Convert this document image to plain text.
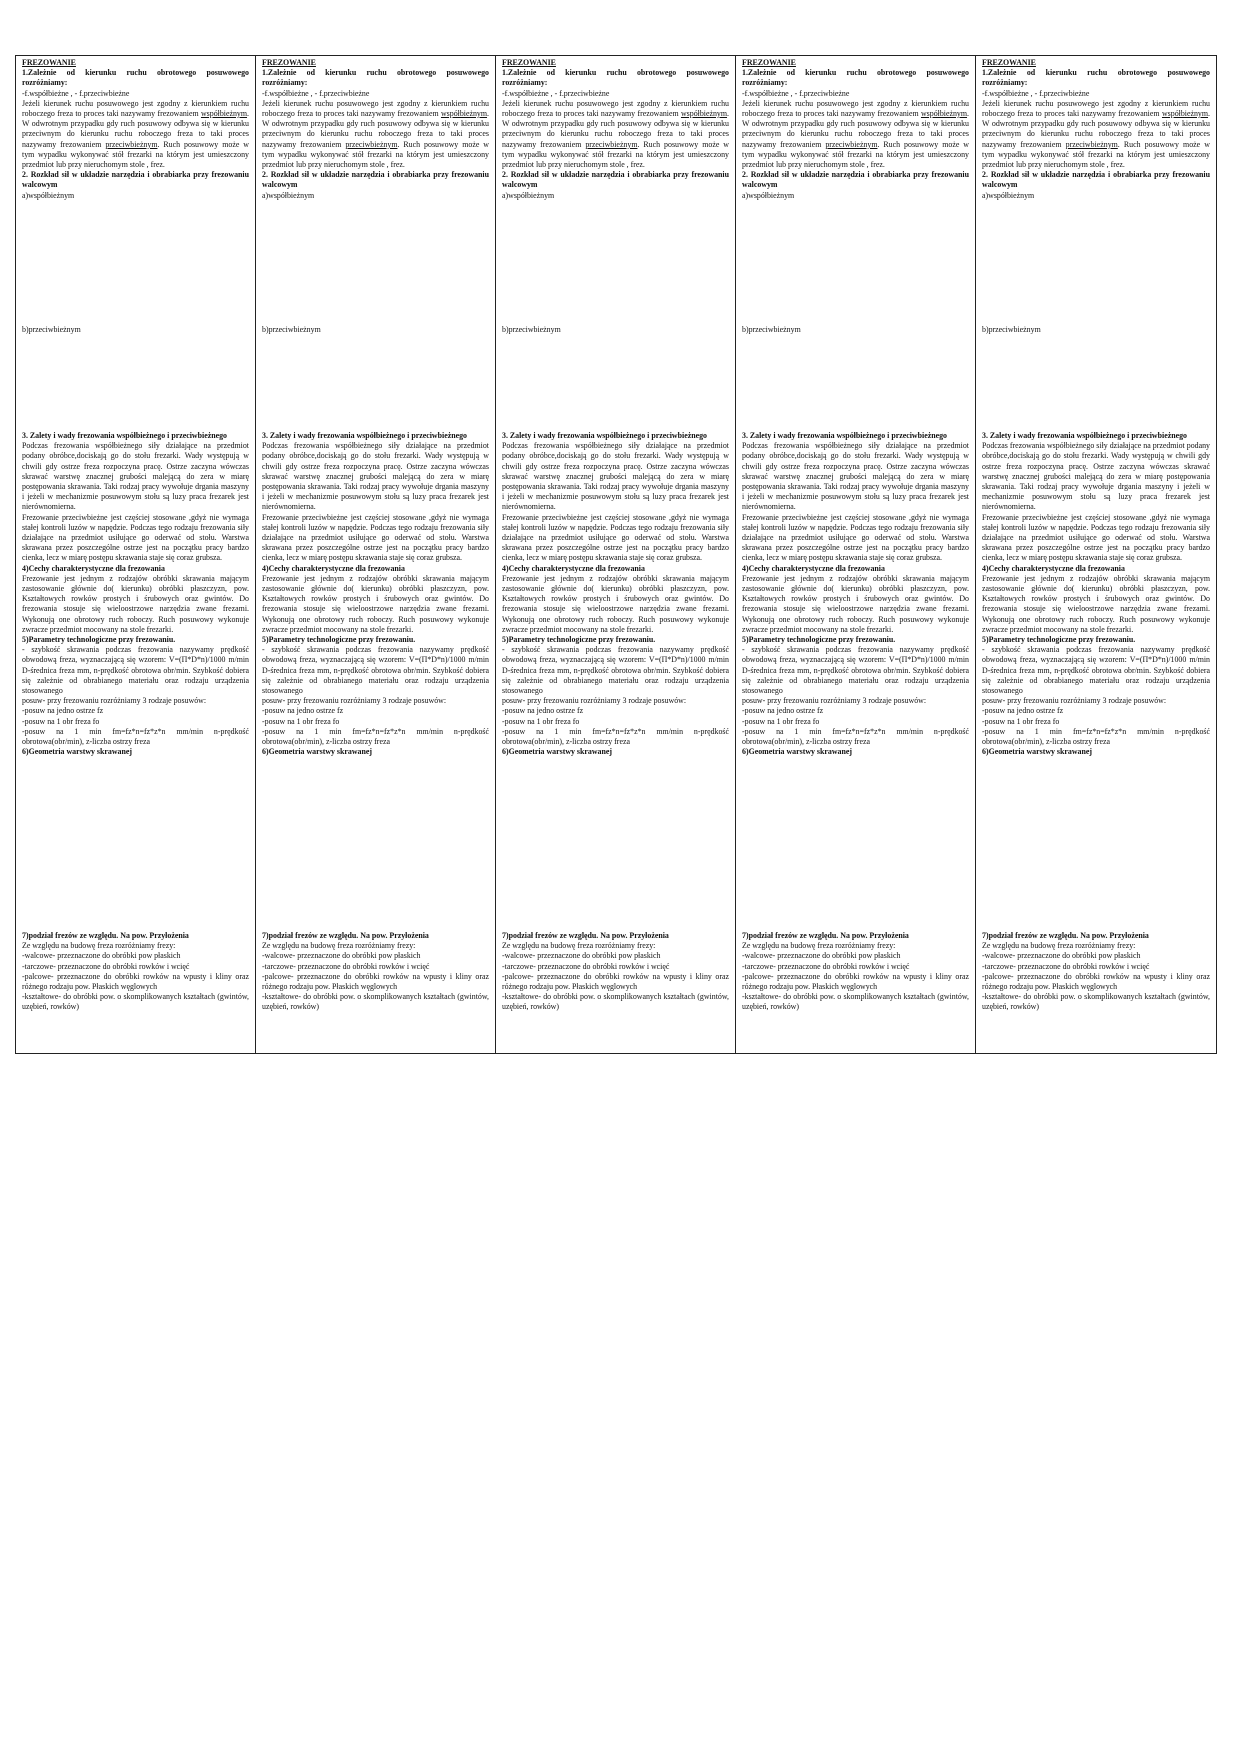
FREZOWANIE

1.Zależnie od kierunku ruchu obrotowego posuwowego rozróżniamy:

-f.współbieżne , - f.przeciwbieżne

Jeżeli kierunek ruchu posuwowego jest zgodny z kierunkiem ruchu roboczego freza to proces taki nazywamy frezowaniem współbieżnym. W odwrotnym przypadku gdy ruch posuwowy odbywa się w kierunku przeciwnym do kierunku ruchu roboczego freza to taki proces nazywamy frezowaniem przeciwbieżnym. Ruch posuwowy może w tym wypadku wykonywać stół frezarki na którym jest umieszczony przedmiot lub przy nieruchomym stole , frez.

2. Rozkład sił w układzie narzędzia i obrabiarka przy frezowaniu walcowym

a)współbieżnym

b)przeciwbieżnym

3. Zalety i wady frezowania współbieżnego i przeciwbieżnego

Podczas frezowania współbieżnego siły działające na przedmiot podany obróbce,dociskają go do stołu frezarki. Wady występują w chwili gdy ostrze freza rozpoczyna pracę. Ostrze zaczyna wówczas skrawać warstwę znacznej grubości malejącą do zera w miarę postępowania skrawania. Taki rodzaj pracy wywołuje drgania maszyny i jeżeli w mechanizmie posuwowym stołu są luzy praca frezarek jest nierównomierna.

Frezowanie przeciwbieżne jest częściej stosowane ,gdyż nie wymaga stałej kontroli luzów w napędzie. Podczas tego rodzaju frezowania siły działające na przedmiot usiłujące go oderwać od stołu. Warstwa skrawana przez poszczególne ostrze jest na początku pracy bardzo cienka, lecz w miarę postępu skrawania staje się coraz grubsza.

4)Cechy charakterystyczne dla frezowania

Frezowanie jest jednym z rodzajów obróbki skrawania mającym zastosowanie głównie do( kierunku) obróbki płaszczyzn, pow. Kształtowych rowków prostych i śrubowych oraz gwintów. Do frezowania stosuje się wieloostrzowe narzędzia zwane frezami. Wykonują one obrotowy ruch roboczy. Ruch posuwowy wykonuje zwracze przedmiot mocowany na stole frezarki.

5)Parametry technologiczne przy frezowaniu.

- szybkość skrawania podczas frezowania nazywamy prędkość obwodową freza, wyznaczającą się wzorem: V=(Π*D*n)/1000 m/min D-średnica freza mm, n-prędkość obrotowa obr/min. Szybkość dobiera się zależnie od obrabianego materiału oraz rodzaju urządzenia stosowanego

posuw- przy frezowaniu rozróżniamy 3 rodzaje posuwów:

-posuw na jedno ostrze fz

-posuw na 1 obr freza fo

-posuw na 1 min fm=fz*n=fz*z*n mm/min n-prędkość obrotowa(obr/min), z-liczba ostrzy freza

6)Geometria warstwy skrawanej

7)podział frezów ze względu. Na pow. Przyłożenia

Ze względu na budowę freza rozróżniamy frezy:

-walcowe- przeznaczone do obróbki pow płaskich

-tarczowe- przeznaczone do obróbki rowków i wcięć

-palcowe- przeznaczone do obróbki rowków na wpusty i kliny oraz różnego rodzaju pow. Płaskich węglowych

-kształtowe- do obróbki pow. o skomplikowanych kształtach (gwintów, uzębień, rowków)

FREZOWANIE

1.Zależnie od kierunku ruchu obrotowego posuwowego rozróżniamy:

-f.współbieżne , - f.przeciwbieżne

Jeżeli kierunek ruchu posuwowego jest zgodny z kierunkiem ruchu roboczego freza to proces taki nazywamy frezowaniem współbieżnym. W odwrotnym przypadku gdy ruch posuwowy odbywa się w kierunku przeciwnym do kierunku ruchu roboczego freza to taki proces nazywamy frezowaniem przeciwbieżnym. Ruch posuwowy może w tym wypadku wykonywać stół frezarki na którym jest umieszczony przedmiot lub przy nieruchomym stole , frez.

2. Rozkład sił w układzie narzędzia i obrabiarka przy frezowaniu walcowym

a)współbieżnym

b)przeciwbieżnym

3. Zalety i wady frezowania współbieżnego i przeciwbieżnego

Podczas frezowania współbieżnego siły działające na przedmiot podany obróbce,dociskają go do stołu frezarki. Wady występują w chwili gdy ostrze freza rozpoczyna pracę. Ostrze zaczyna wówczas skrawać warstwę znacznej grubości malejącą do zera w miarę postępowania skrawania. Taki rodzaj pracy wywołuje drgania maszyny i jeżeli w mechanizmie posuwowym stołu są luzy praca frezarek jest nierównomierna.

Frezowanie przeciwbieżne jest częściej stosowane ,gdyż nie wymaga stałej kontroli luzów w napędzie. Podczas tego rodzaju frezowania siły działające na przedmiot usiłujące go oderwać od stołu. Warstwa skrawana przez poszczególne ostrze jest na początku pracy bardzo cienka, lecz w miarę postępu skrawania staje się coraz grubsza.

4)Cechy charakterystyczne dla frezowania

Frezowanie jest jednym z rodzajów obróbki skrawania mającym zastosowanie głównie do( kierunku) obróbki płaszczyzn, pow. Kształtowych rowków prostych i śrubowych oraz gwintów. Do frezowania stosuje się wieloostrzowe narzędzia zwane frezami. Wykonują one obrotowy ruch roboczy. Ruch posuwowy wykonuje zwracze przedmiot mocowany na stole frezarki.

5)Parametry technologiczne przy frezowaniu.

- szybkość skrawania podczas frezowania nazywamy prędkość obwodową freza, wyznaczającą się wzorem: V=(Π*D*n)/1000 m/min D-średnica freza mm, n-prędkość obrotowa obr/min. Szybkość dobiera się zależnie od obrabianego materiału oraz rodzaju urządzenia stosowanego

posuw- przy frezowaniu rozróżniamy 3 rodzaje posuwów:

-posuw na jedno ostrze fz

-posuw na 1 obr freza fo

-posuw na 1 min fm=fz*n=fz*z*n mm/min n-prędkość obrotowa(obr/min), z-liczba ostrzy freza

6)Geometria warstwy skrawanej

7)podział frezów ze względu. Na pow. Przyłożenia

Ze względu na budowę freza rozróżniamy frezy:

-walcowe- przeznaczone do obróbki pow płaskich

-tarczowe- przeznaczone do obróbki rowków i wcięć

-palcowe- przeznaczone do obróbki rowków na wpusty i kliny oraz różnego rodzaju pow. Płaskich węglowych

-kształtowe- do obróbki pow. o skomplikowanych kształtach (gwintów, uzębień, rowków)

FREZOWANIE

1.Zależnie od kierunku ruchu obrotowego posuwowego rozróżniamy:

-f.współbieżne , - f.przeciwbieżne

Jeżeli kierunek ruchu posuwowego jest zgodny z kierunkiem ruchu roboczego freza to proces taki nazywamy frezowaniem współbieżnym. W odwrotnym przypadku gdy ruch posuwowy odbywa się w kierunku przeciwnym do kierunku ruchu roboczego freza to taki proces nazywamy frezowaniem przeciwbieżnym. Ruch posuwowy może w tym wypadku wykonywać stół frezarki na którym jest umieszczony przedmiot lub przy nieruchomym stole , frez.

2. Rozkład sił w układzie narzędzia i obrabiarka przy frezowaniu walcowym

a)współbieżnym

b)przeciwbieżnym

3. Zalety i wady frezowania współbieżnego i przeciwbieżnego

Podczas frezowania współbieżnego siły działające na przedmiot podany obróbce,dociskają go do stołu frezarki. Wady występują w chwili gdy ostrze freza rozpoczyna pracę. Ostrze zaczyna wówczas skrawać warstwę znacznej grubości malejącą do zera w miarę postępowania skrawania. Taki rodzaj pracy wywołuje drgania maszyny i jeżeli w mechanizmie posuwowym stołu są luzy praca frezarek jest nierównomierna.

Frezowanie przeciwbieżne jest częściej stosowane ,gdyż nie wymaga stałej kontroli luzów w napędzie. Podczas tego rodzaju frezowania siły działające na przedmiot usiłujące go oderwać od stołu. Warstwa skrawana przez poszczególne ostrze jest na początku pracy bardzo cienka, lecz w miarę postępu skrawania staje się coraz grubsza.

4)Cechy charakterystyczne dla frezowania

Frezowanie jest jednym z rodzajów obróbki skrawania mającym zastosowanie głównie do( kierunku) obróbki płaszczyzn, pow. Kształtowych rowków prostych i śrubowych oraz gwintów. Do frezowania stosuje się wieloostrzowe narzędzia zwane frezami. Wykonują one obrotowy ruch roboczy. Ruch posuwowy wykonuje zwracze przedmiot mocowany na stole frezarki.

5)Parametry technologiczne przy frezowaniu.

- szybkość skrawania podczas frezowania nazywamy prędkość obwodową freza, wyznaczającą się wzorem: V=(Π*D*n)/1000 m/min D-średnica freza mm, n-prędkość obrotowa obr/min. Szybkość dobiera się zależnie od obrabianego materiału oraz rodzaju urządzenia stosowanego

posuw- przy frezowaniu rozróżniamy 3 rodzaje posuwów:

-posuw na jedno ostrze fz

-posuw na 1 obr freza fo

-posuw na 1 min fm=fz*n=fz*z*n mm/min n-prędkość obrotowa(obr/min), z-liczba ostrzy freza

6)Geometria warstwy skrawanej

7)podział frezów ze względu. Na pow. Przyłożenia

Ze względu na budowę freza rozróżniamy frezy:

-walcowe- przeznaczone do obróbki pow płaskich

-tarczowe- przeznaczone do obróbki rowków i wcięć

-palcowe- przeznaczone do obróbki rowków na wpusty i kliny oraz różnego rodzaju pow. Płaskich węglowych

-kształtowe- do obróbki pow. o skomplikowanych kształtach (gwintów, uzębień, rowków)

FREZOWANIE

1.Zależnie od kierunku ruchu obrotowego posuwowego rozróżniamy:

-f.współbieżne , - f.przeciwbieżne

Jeżeli kierunek ruchu posuwowego jest zgodny z kierunkiem ruchu roboczego freza to proces taki nazywamy frezowaniem współbieżnym. W odwrotnym przypadku gdy ruch posuwowy odbywa się w kierunku przeciwnym do kierunku ruchu roboczego freza to taki proces nazywamy frezowaniem przeciwbieżnym. Ruch posuwowy może w tym wypadku wykonywać stół frezarki na którym jest umieszczony przedmiot lub przy nieruchomym stole , frez.

2. Rozkład sił w układzie narzędzia i obrabiarka przy frezowaniu walcowym

a)współbieżnym

b)przeciwbieżnym

3. Zalety i wady frezowania współbieżnego i przeciwbieżnego

Podczas frezowania współbieżnego siły działające na przedmiot podany obróbce,dociskają go do stołu frezarki. Wady występują w chwili gdy ostrze freza rozpoczyna pracę. Ostrze zaczyna wówczas skrawać warstwę znacznej grubości malejącą do zera w miarę postępowania skrawania. Taki rodzaj pracy wywołuje drgania maszyny i jeżeli w mechanizmie posuwowym stołu są luzy praca frezarek jest nierównomierna.

Frezowanie przeciwbieżne jest częściej stosowane ,gdyż nie wymaga stałej kontroli luzów w napędzie. Podczas tego rodzaju frezowania siły działające na przedmiot usiłujące go oderwać od stołu. Warstwa skrawana przez poszczególne ostrze jest na początku pracy bardzo cienka, lecz w miarę postępu skrawania staje się coraz grubsza.

4)Cechy charakterystyczne dla frezowania

Frezowanie jest jednym z rodzajów obróbki skrawania mającym zastosowanie głównie do( kierunku) obróbki płaszczyzn, pow. Kształtowych rowków prostych i śrubowych oraz gwintów. Do frezowania stosuje się wieloostrzowe narzędzia zwane frezami. Wykonują one obrotowy ruch roboczy. Ruch posuwowy wykonuje zwracze przedmiot mocowany na stole frezarki.

5)Parametry technologiczne przy frezowaniu.

- szybkość skrawania podczas frezowania nazywamy prędkość obwodową freza, wyznaczającą się wzorem: V=(Π*D*n)/1000 m/min D-średnica freza mm, n-prędkość obrotowa obr/min. Szybkość dobiera się zależnie od obrabianego materiału oraz rodzaju urządzenia stosowanego

posuw- przy frezowaniu rozróżniamy 3 rodzaje posuwów:

-posuw na jedno ostrze fz

-posuw na 1 obr freza fo

-posuw na 1 min fm=fz*n=fz*z*n mm/min n-prędkość obrotowa(obr/min), z-liczba ostrzy freza

6)Geometria warstwy skrawanej

7)podział frezów ze względu. Na pow. Przyłożenia

Ze względu na budowę freza rozróżniamy frezy:

-walcowe- przeznaczone do obróbki pow płaskich

-tarczowe- przeznaczone do obróbki rowków i wcięć

-palcowe- przeznaczone do obróbki rowków na wpusty i kliny oraz różnego rodzaju pow. Płaskich węglowych

-kształtowe- do obróbki pow. o skomplikowanych kształtach (gwintów, uzębień, rowków)

FREZOWANIE

1.Zależnie od kierunku ruchu obrotowego posuwowego rozróżniamy:

-f.współbieżne , - f.przeciwbieżne

Jeżeli kierunek ruchu posuwowego jest zgodny z kierunkiem ruchu roboczego freza to proces taki nazywamy frezowaniem współbieżnym. W odwrotnym przypadku gdy ruch posuwowy odbywa się w kierunku przeciwnym do kierunku ruchu roboczego freza to taki proces nazywamy frezowaniem przeciwbieżnym. Ruch posuwowy może w tym wypadku wykonywać stół frezarki na którym jest umieszczony przedmiot lub przy nieruchomym stole , frez.

2. Rozkład sił w układzie narzędzia i obrabiarka przy frezowaniu walcowym

a)współbieżnym

b)przeciwbieżnym

3. Zalety i wady frezowania współbieżnego i przeciwbieżnego

Podczas frezowania współbieżnego siły działające na przedmiot podany obróbce,dociskają go do stołu frezarki. Wady występują w chwili gdy ostrze freza rozpoczyna pracę. Ostrze zaczyna wówczas skrawać warstwę znacznej grubości malejącą do zera w miarę postępowania skrawania. Taki rodzaj pracy wywołuje drgania maszyny i jeżeli w mechanizmie posuwowym stołu są luzy praca frezarek jest nierównomierna.

Frezowanie przeciwbieżne jest częściej stosowane ,gdyż nie wymaga stałej kontroli luzów w napędzie. Podczas tego rodzaju frezowania siły działające na przedmiot usiłujące go oderwać od stołu. Warstwa skrawana przez poszczególne ostrze jest na początku pracy bardzo cienka, lecz w miarę postępu skrawania staje się coraz grubsza.

4)Cechy charakterystyczne dla frezowania

Frezowanie jest jednym z rodzajów obróbki skrawania mającym zastosowanie głównie do( kierunku) obróbki płaszczyzn, pow. Kształtowych rowków prostych i śrubowych oraz gwintów. Do frezowania stosuje się wieloostrzowe narzędzia zwane frezami. Wykonują one obrotowy ruch roboczy. Ruch posuwowy wykonuje zwracze przedmiot mocowany na stole frezarki.

5)Parametry technologiczne przy frezowaniu.

- szybkość skrawania podczas frezowania nazywamy prędkość obwodową freza, wyznaczającą się wzorem: V=(Π*D*n)/1000 m/min D-średnica freza mm, n-prędkość obrotowa obr/min. Szybkość dobiera się zależnie od obrabianego materiału oraz rodzaju urządzenia stosowanego

posuw- przy frezowaniu rozróżniamy 3 rodzaje posuwów:

-posuw na jedno ostrze fz

-posuw na 1 obr freza fo

-posuw na 1 min fm=fz*n=fz*z*n mm/min n-prędkość obrotowa(obr/min), z-liczba ostrzy freza

6)Geometria warstwy skrawanej

7)podział frezów ze względu. Na pow. Przyłożenia

Ze względu na budowę freza rozróżniamy frezy:

-walcowe- przeznaczone do obróbki pow płaskich

-tarczowe- przeznaczone do obróbki rowków i wcięć

-palcowe- przeznaczone do obróbki rowków na wpusty i kliny oraz różnego rodzaju pow. Płaskich węglowych

-kształtowe- do obróbki pow. o skomplikowanych kształtach (gwintów, uzębień, rowków)
